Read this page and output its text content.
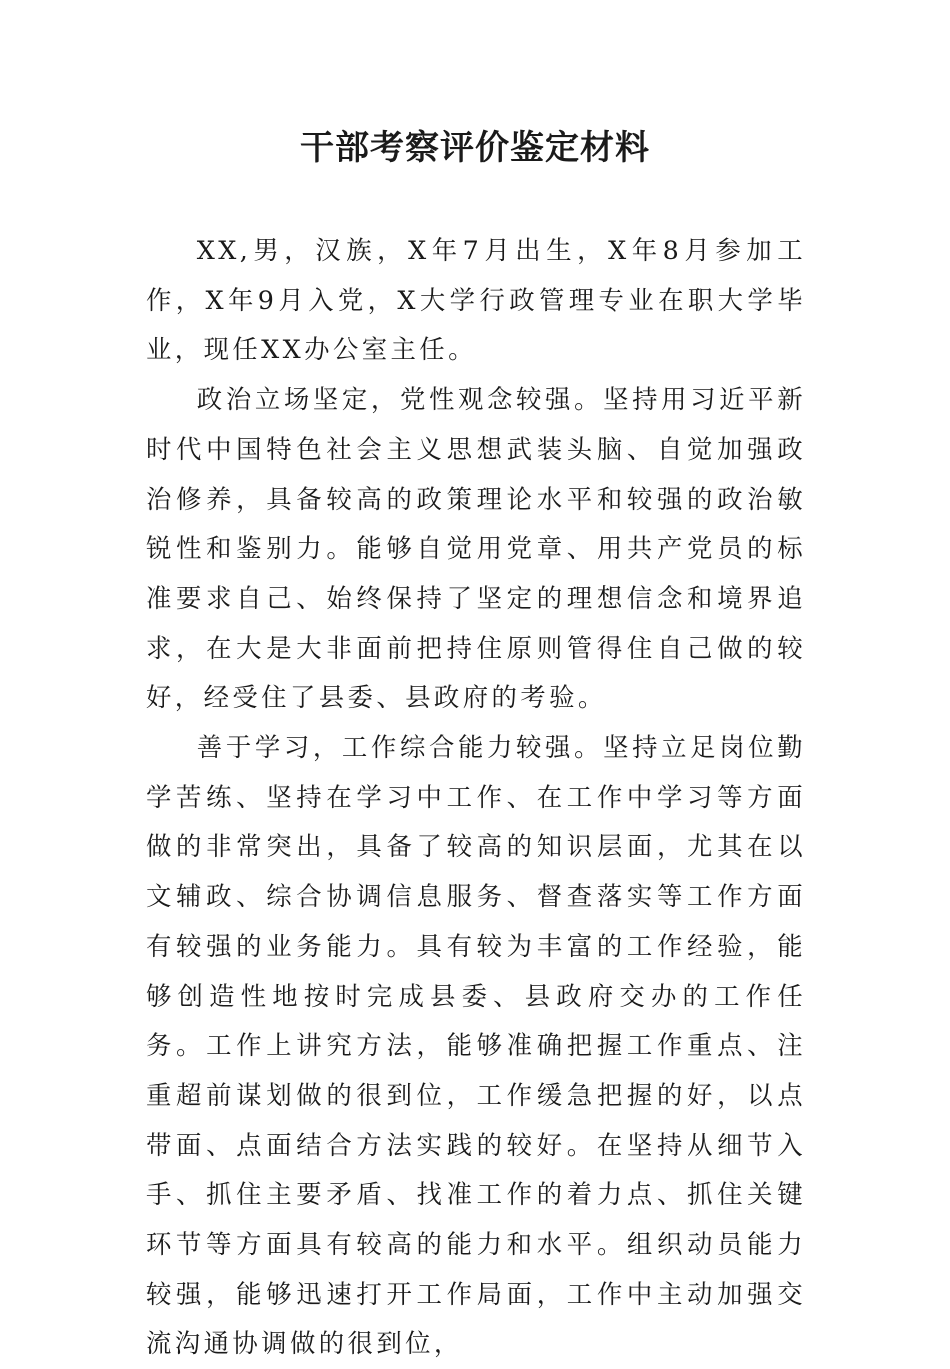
干部考察评价鉴定材料

XX,男，汉族，X年7月出生，X年8月参加工作，X年9月入党，X大学行政管理专业在职大学毕业，现任XX办公室主任。

政治立场坚定，党性观念较强。坚持用习近平新时代中国特色社会主义思想武装头脑、自觉加强政治修养，具备较高的政策理论水平和较强的政治敏锐性和鉴别力。能够自觉用党章、用共产党员的标准要求自己、始终保持了坚定的理想信念和境界追求，在大是大非面前把持住原则管得住自己做的较好，经受住了县委、县政府的考验。

善于学习，工作综合能力较强。坚持立足岗位勤学苦练、坚持在学习中工作、在工作中学习等方面做的非常突出，具备了较高的知识层面，尤其在以文辅政、综合协调信息服务、督查落实等工作方面有较强的业务能力。具有较为丰富的工作经验，能够创造性地按时完成县委、县政府交办的工作任务。工作上讲究方法，能够准确把握工作重点、注重超前谋划做的很到位，工作缓急把握的好，以点带面、点面结合方法实践的较好。在坚持从细节入手、抓住主要矛盾、找准工作的着力点、抓住关键环节等方面具有较高的能力和水平。组织动员能力较强，能够迅速打开工作局面，工作中主动加强交流沟通协调做的很到位，
